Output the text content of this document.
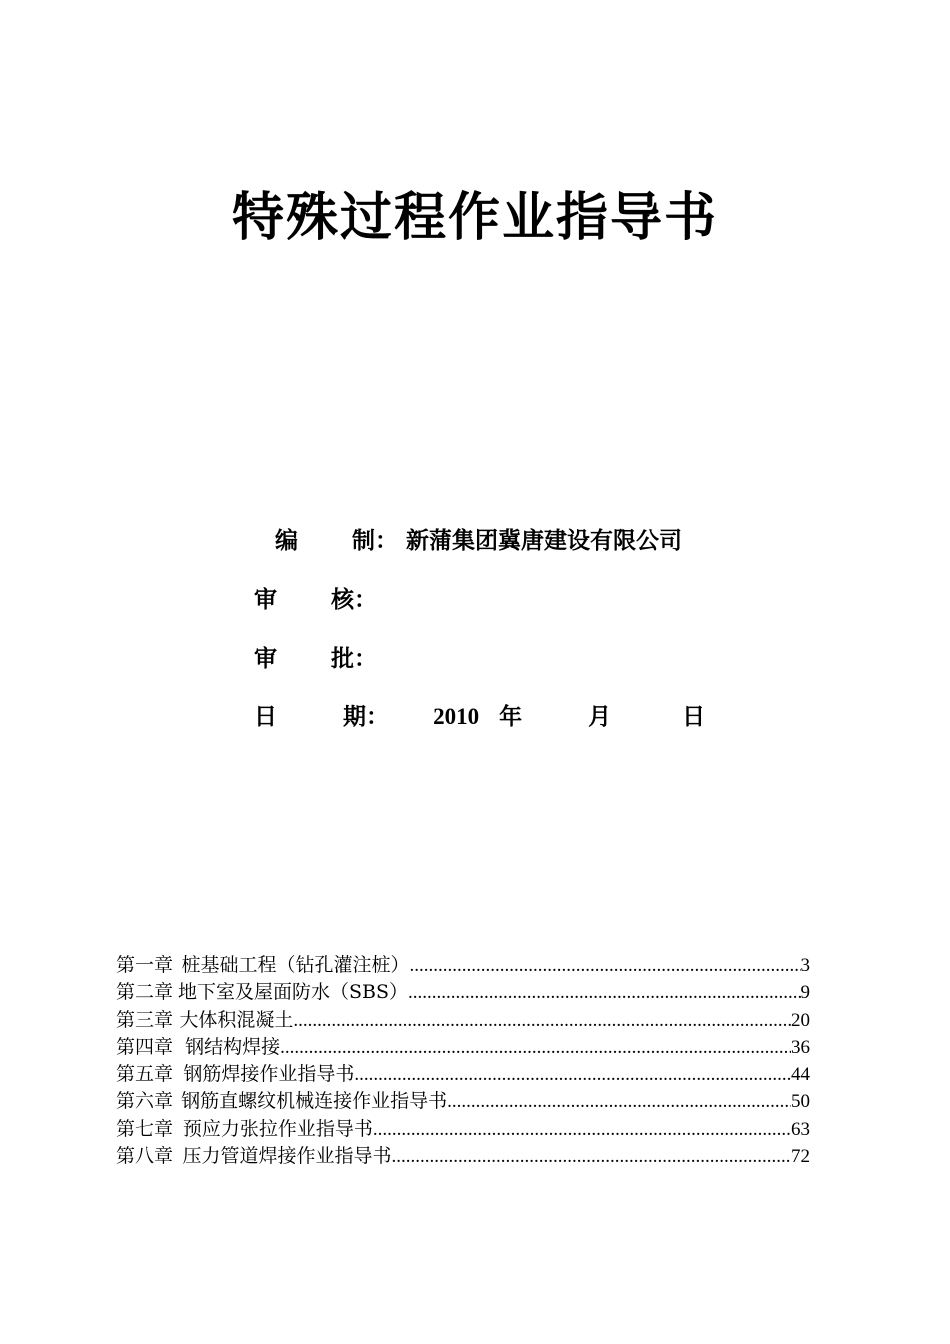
特殊过程作业指导书
编 制： 新蒲集团冀唐建设有限公司
审 核：
审 批：
日	期： 2010 年	月	日
第一章 桩基础工程（钻孔灌注桩） .....	3
第二章 地下室及屋面防水（SBS） .....	9
第三章 大体积混凝土 .....	20
第四章 钢结构焊接 .....	36
第五章 钢筋焊接作业指导书 .....	44
第六章 钢筋直螺纹机械连接作业指导书 .....	50
第七章 预应力张拉作业指导书 .....	63
第八章 压力管道焊接作业指导书 .....	72
